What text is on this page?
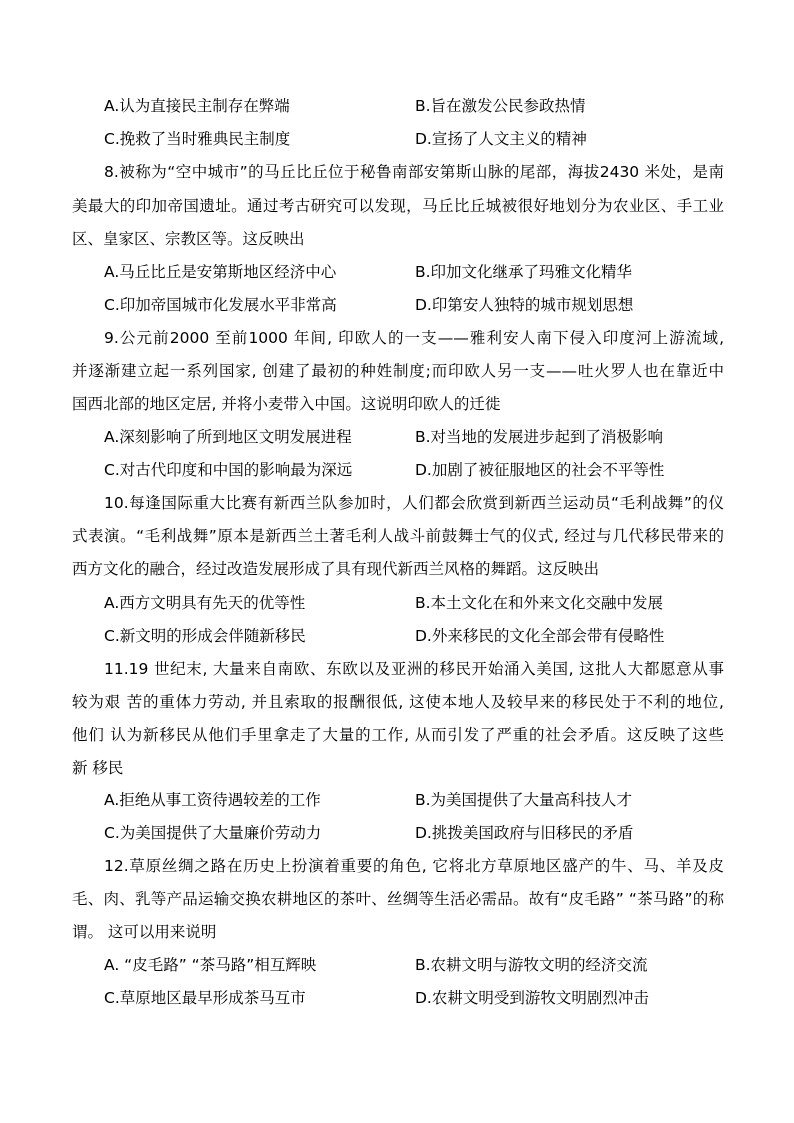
A.认为直接民主制存在弊端	B.旨在激发公民参政热情
C.挽救了当时雅典民主制度	D.宣扬了人文主义的精神
8.被称为“空中城市”的马丘比丘位于秘鲁南部安第斯山脉的尾部，海拔2430 米处，是南
美最大的印加帝国遗址。通过考古研究可以发现，马丘比丘城被很好地划分为农业区、手工业
区、皇家区、宗教区等。这反映出
A.马丘比丘是安第斯地区经济中心	B.印加文化继承了玛雅文化精华
C.印加帝国城市化发展水平非常高	D.印第安人独特的城市规划思想
9.公元前2000 至前1000 年间, 印欧人的一支——雅利安人南下侵入印度河上游流域,
并逐渐建立起一系列国家, 创建了最初的种姓制度;而印欧人另一支——吐火罗人也在靠近中
国西北部的地区定居, 并将小麦带入中国。这说明印欧人的迁徙
A.深刻影响了所到地区文明发展进程	B.对当地的发展进步起到了消极影响
C.对古代印度和中国的影响最为深远	D.加剧了被征服地区的社会不平等性
10.每逢国际重大比赛有新西兰队参加时，人们都会欣赏到新西兰运动员“毛利战舞”的仪
式表演。“毛利战舞”原本是新西兰土著毛利人战斗前鼓舞士气的仪式, 经过与几代移民带来的
西方文化的融合，经过改造发展形成了具有现代新西兰风格的舞蹈。这反映出
A.西方文明具有先天的优等性	B.本土文化在和外来文化交融中发展
C.新文明的形成会伴随新移民	D.外来移民的文化全部会带有侵略性
11.19 世纪末, 大量来自南欧、东欧以及亚洲的移民开始涌入美国, 这批人大都愿意从事
较为艰 苦的重体力劳动, 并且索取的报酬很低, 这使本地人及较早来的移民处于不利的地位,
他们 认为新移民从他们手里拿走了大量的工作, 从而引发了严重的社会矛盾。这反映了这些
新 移民
A.拒绝从事工资待遇较差的工作	B.为美国提供了大量高科技人才
C.为美国提供了大量廉价劳动力	D.挑拨美国政府与旧移民的矛盾
12.草原丝绸之路在历史上扮演着重要的角色, 它将北方草原地区盛产的牛、马、羊及皮
毛、肉、乳等产品运输交换农耕地区的茶叶、丝绸等生活必需品。故有“皮毛路” “茶马路”的称
谓。 这可以用来说明
A. “皮毛路” “茶马路”相互辉映	B.农耕文明与游牧文明的经济交流
C.草原地区最早形成茶马互市	D.农耕文明受到游牧文明剧烈冲击
